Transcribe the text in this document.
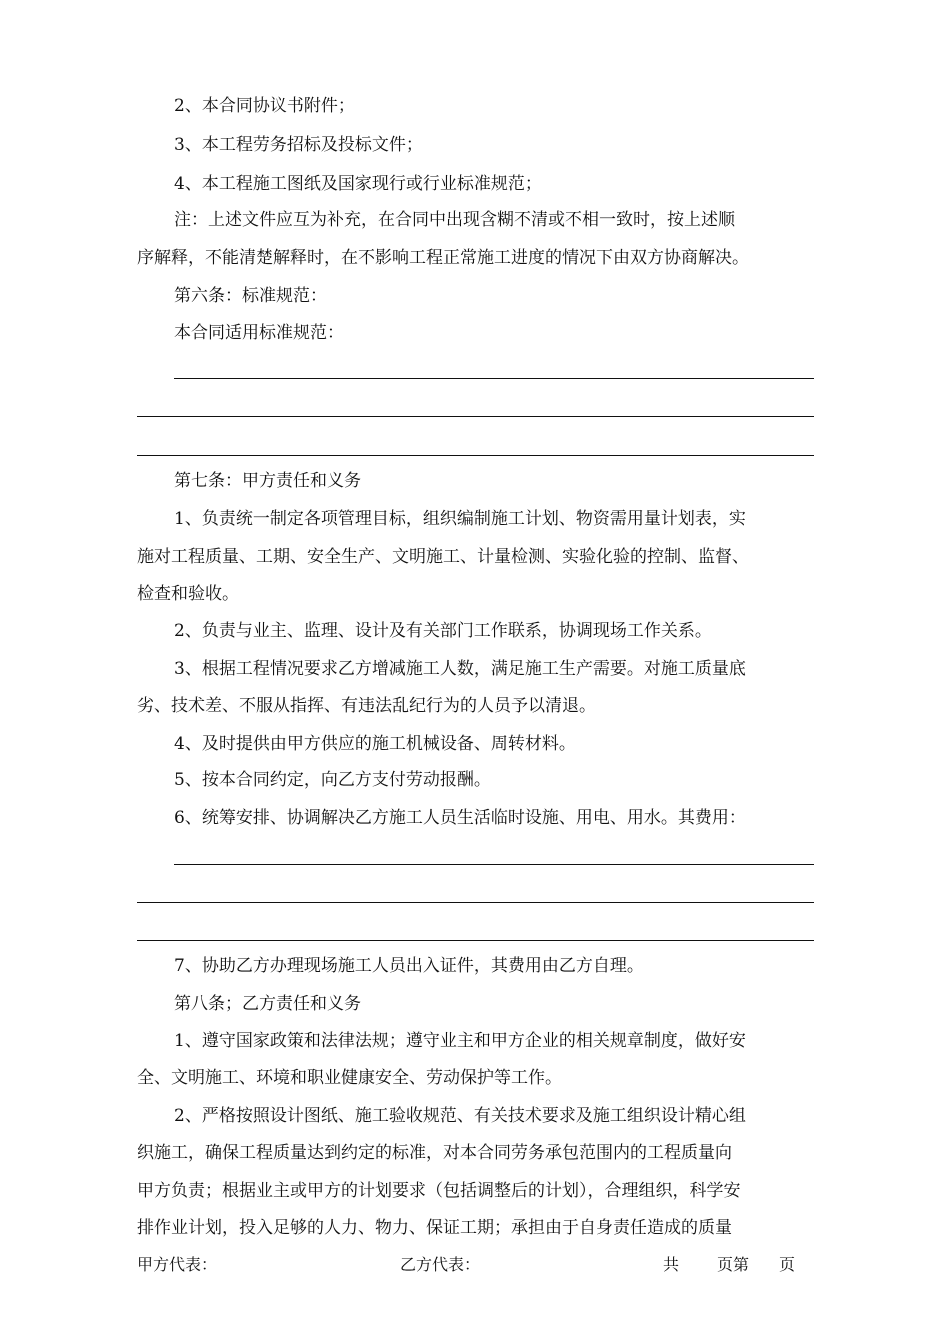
2、本合同协议书附件；
3、本工程劳务招标及投标文件；
4、本工程施工图纸及国家现行或行业标准规范；
注：上述文件应互为补充，在合同中出现含糊不清或不相一致时，按上述顺
序解释，不能清楚解释时，在不影响工程正常施工进度的情况下由双方协商解决。
第六条：标准规范：
本合同适用标准规范：
第七条：甲方责任和义务
1、负责统一制定各项管理目标，组织编制施工计划、物资需用量计划表，实
施对工程质量、工期、安全生产、文明施工、计量检测、实验化验的控制、监督、
检查和验收。
2、负责与业主、监理、设计及有关部门工作联系，协调现场工作关系。
3、根据工程情况要求乙方增减施工人数，满足施工生产需要。对施工质量底
劣、技术差、不服从指挥、有违法乱纪行为的人员予以清退。
4、及时提供由甲方供应的施工机械设备、周转材料。
5、按本合同约定，向乙方支付劳动报酬。
6、统筹安排、协调解决乙方施工人员生活临时设施、用电、用水。其费用：
7、协助乙方办理现场施工人员出入证件，其费用由乙方自理。
第八条；乙方责任和义务
1、遵守国家政策和法律法规；遵守业主和甲方企业的相关规章制度，做好安
全、文明施工、环境和职业健康安全、劳动保护等工作。
2、严格按照设计图纸、施工验收规范、有关技术要求及施工组织设计精心组
织施工，确保工程质量达到约定的标准，对本合同劳务承包范围内的工程质量向
甲方负责；根据业主或甲方的计划要求（包括调整后的计划），合理组织，科学安
排作业计划，投入足够的人力、物力、保证工期；承担由于自身责任造成的质量
甲方代表：	乙方代表：	共 页第 页
